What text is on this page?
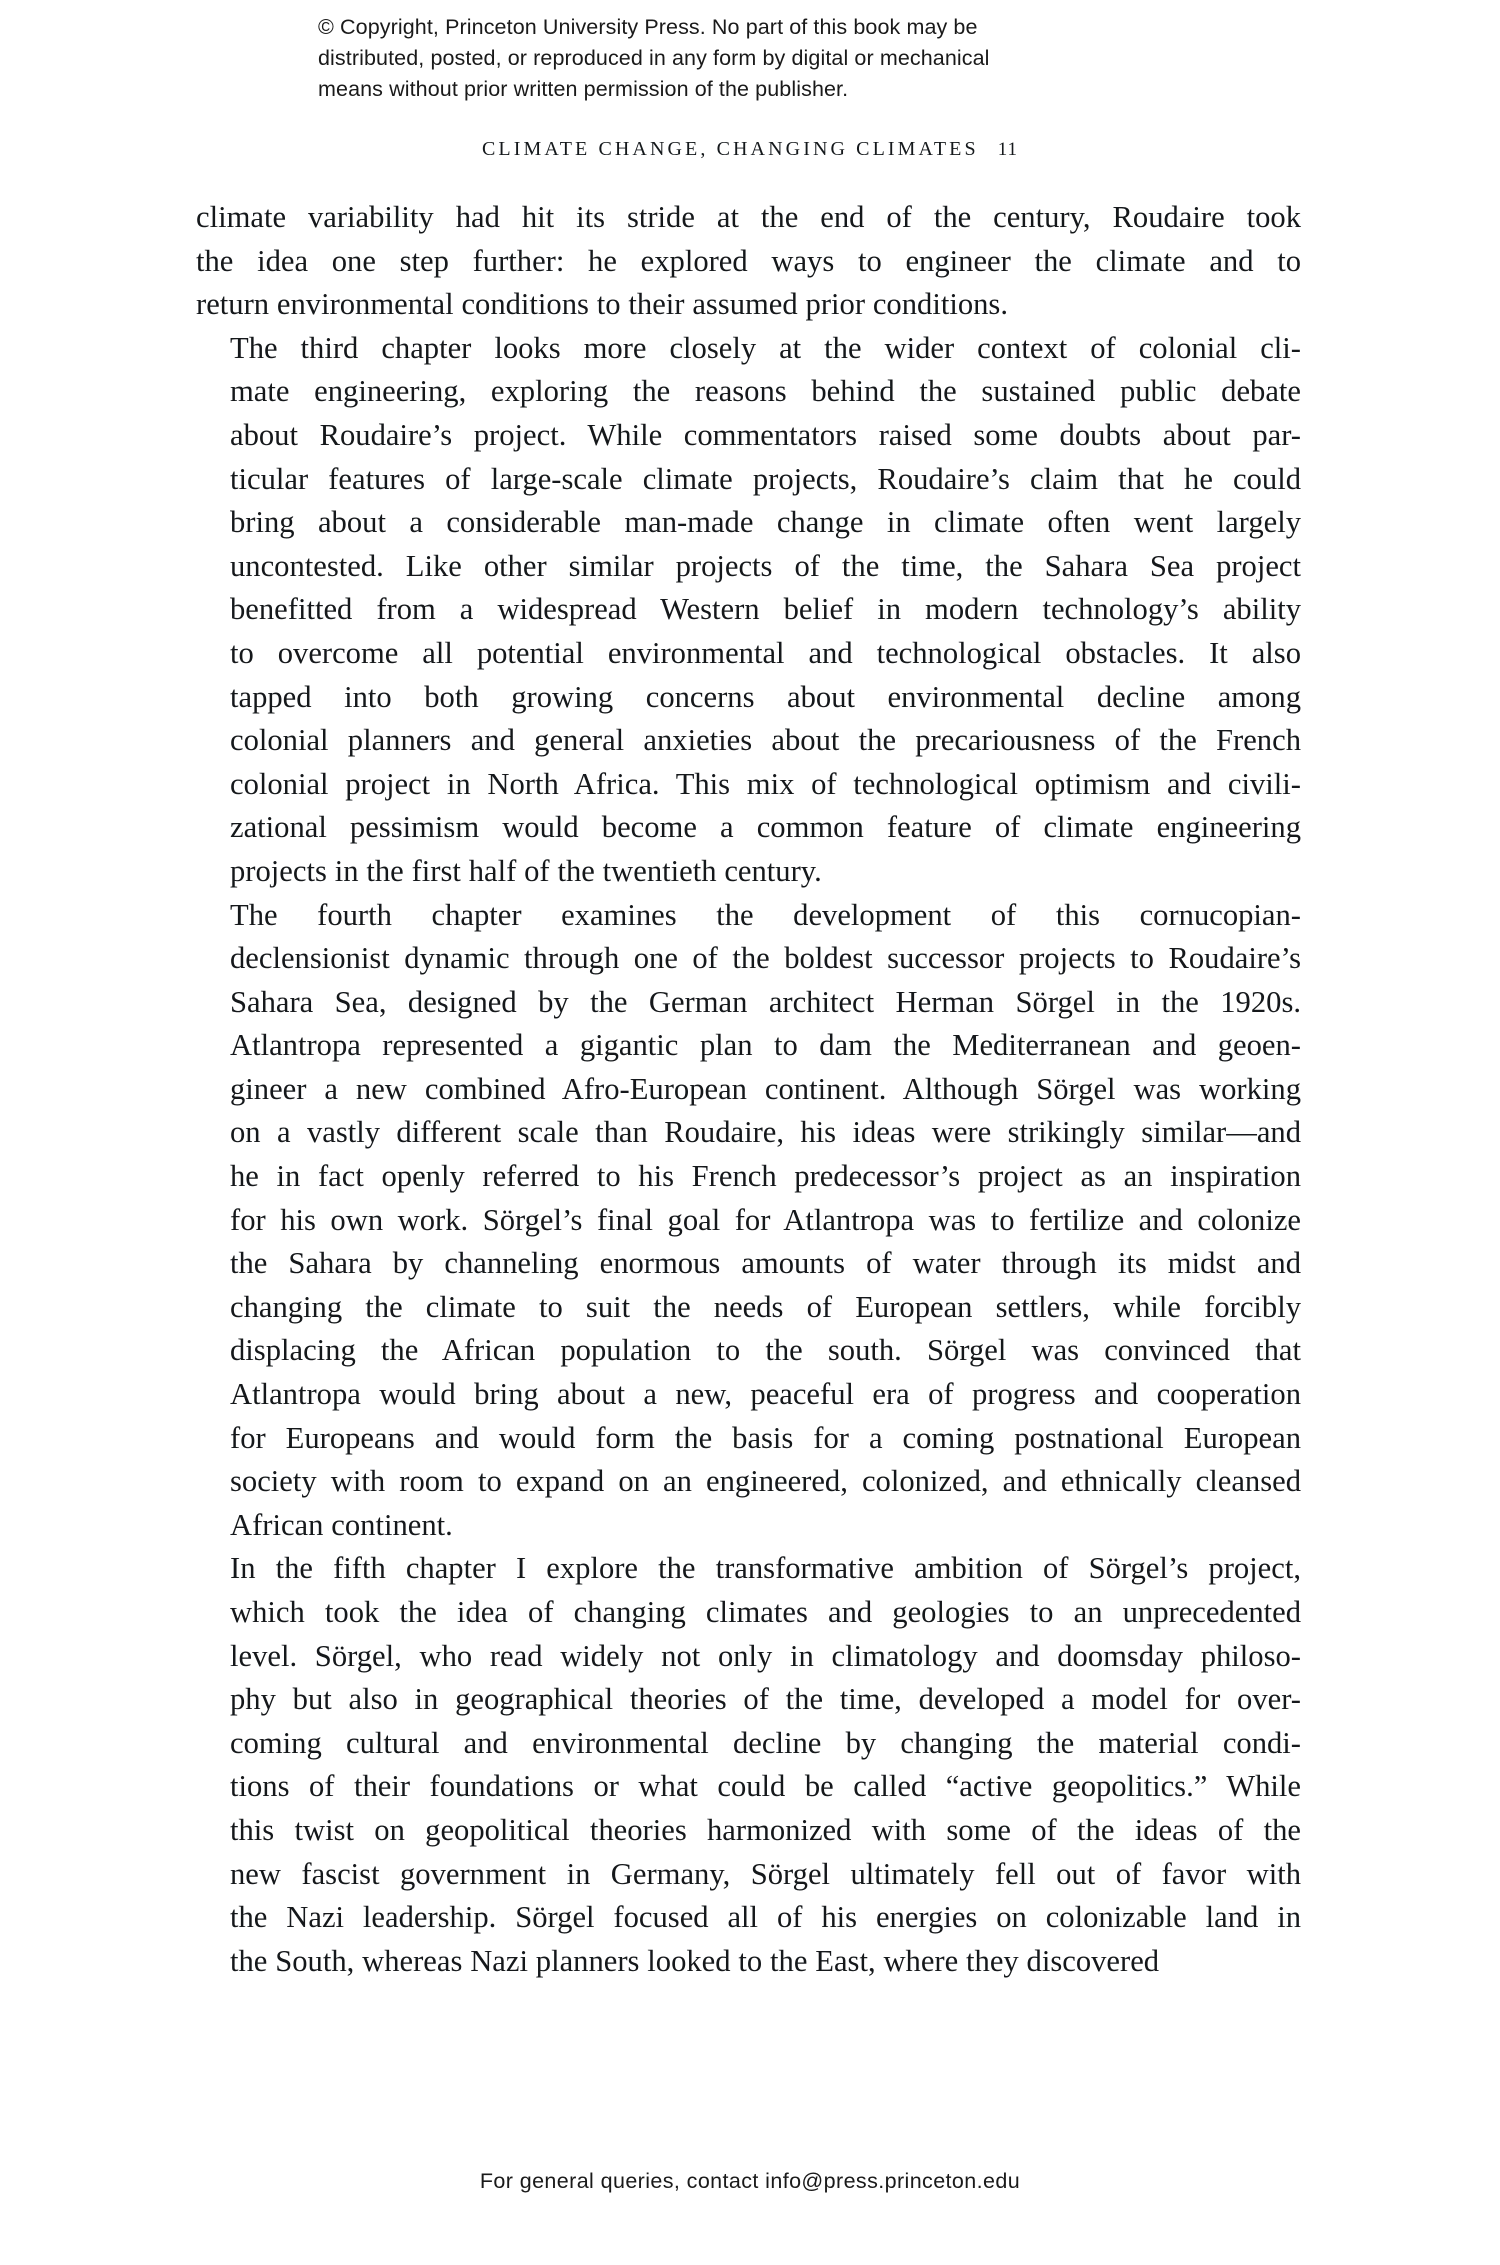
© Copyright, Princeton University Press. No part of this book may be
distributed, posted, or reproduced in any form by digital or mechanical
means without prior written permission of the publisher.
CLIMATE CHANGE, CHANGING CLIMATES 11

climate variability had hit its stride at the end of the century, Roudaire took
the idea one step further: he explored ways to engineer the climate and to
return environmental conditions to their assumed prior conditions.

The third chapter looks more closely at the wider context of colonial cli-
mate engineering, exploring the reasons behind the sustained public debate
about Roudaire’s project. While commentators raised some doubts about par-
ticular features of large-scale climate projects, Roudaire’s claim that he could
bring about a considerable man-made change in climate often went largely
uncontested. Like other similar projects of the time, the Sahara Sea project
benefitted from a widespread Western belief in modern technology’s ability
to overcome all potential environmental and technological obstacles. It also
tapped into both growing concerns about environmental decline among
colonial planners and general anxieties about the precariousness of the French
colonial project in North Africa. This mix of technological optimism and civili-
zational pessimism would become a common feature of climate engineering
projects in the first half of the twentieth century.

The fourth chapter examines the development of this cornucopian-
declensionist dynamic through one of the boldest successor projects to Roudaire’s
Sahara Sea, designed by the German architect Herman Sörgel in the 1920s.
Atlantropa represented a gigantic plan to dam the Mediterranean and geoen-
gineer a new combined Afro-European continent. Although Sörgel was working
on a vastly different scale than Roudaire, his ideas were strikingly similar—and
he in fact openly referred to his French predecessor’s project as an inspiration
for his own work. Sörgel’s final goal for Atlantropa was to fertilize and colonize
the Sahara by channeling enormous amounts of water through its midst and
changing the climate to suit the needs of European settlers, while forcibly
displacing the African population to the south. Sörgel was convinced that
Atlantropa would bring about a new, peaceful era of progress and cooperation
for Europeans and would form the basis for a coming postnational European
society with room to expand on an engineered, colonized, and ethnically cleansed
African continent.

In the fifth chapter I explore the transformative ambition of Sörgel’s project,
which took the idea of changing climates and geologies to an unprecedented
level. Sörgel, who read widely not only in climatology and doomsday philoso-
phy but also in geographical theories of the time, developed a model for over-
coming cultural and environmental decline by changing the material condi-
tions of their foundations or what could be called “active geopolitics.” While
this twist on geopolitical theories harmonized with some of the ideas of the
new fascist government in Germany, Sörgel ultimately fell out of favor with
the Nazi leadership. Sörgel focused all of his energies on colonizable land in
the South, whereas Nazi planners looked to the East, where they discovered

For general queries, contact info@press.princeton.edu
